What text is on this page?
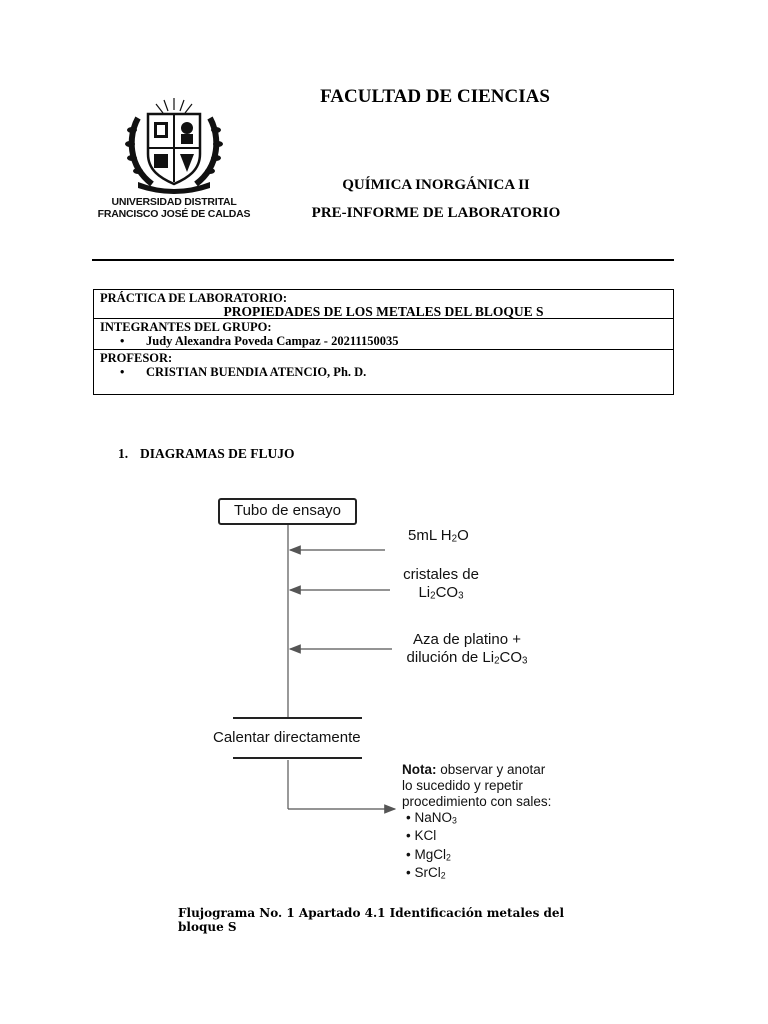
UNIVERSIDAD DISTRITAL
FRANCISCO JOSÉ DE CALDAS
FACULTAD DE CIENCIAS
QUÍMICA INORGÁNICA II
PRE-INFORME DE LABORATORIO
PRÁCTICA DE LABORATORIO:
PROPIEDADES DE LOS METALES DEL BLOQUE S
INTEGRANTES DEL GRUPO:
• Judy Alexandra Poveda Campaz - 20211150035
PROFESOR:
• CRISTIAN BUENDIA ATENCIO, Ph. D.
1. DIAGRAMAS DE FLUJO
Tubo de ensayo
5mL $H_2O$
cristales de
$Li_2CO_3$
Aza de platino +
dilución de $Li_2CO_3$
Calentar directamente
Nota: observar y anotar
lo sucedido y repetir
procedimiento con sales:
• NaNO$_3$
• KCl
• MgCl$_2$
• SrCl$_2$
Flujograma No. 1 Apartado 4.1 Identificación metales del bloque S
